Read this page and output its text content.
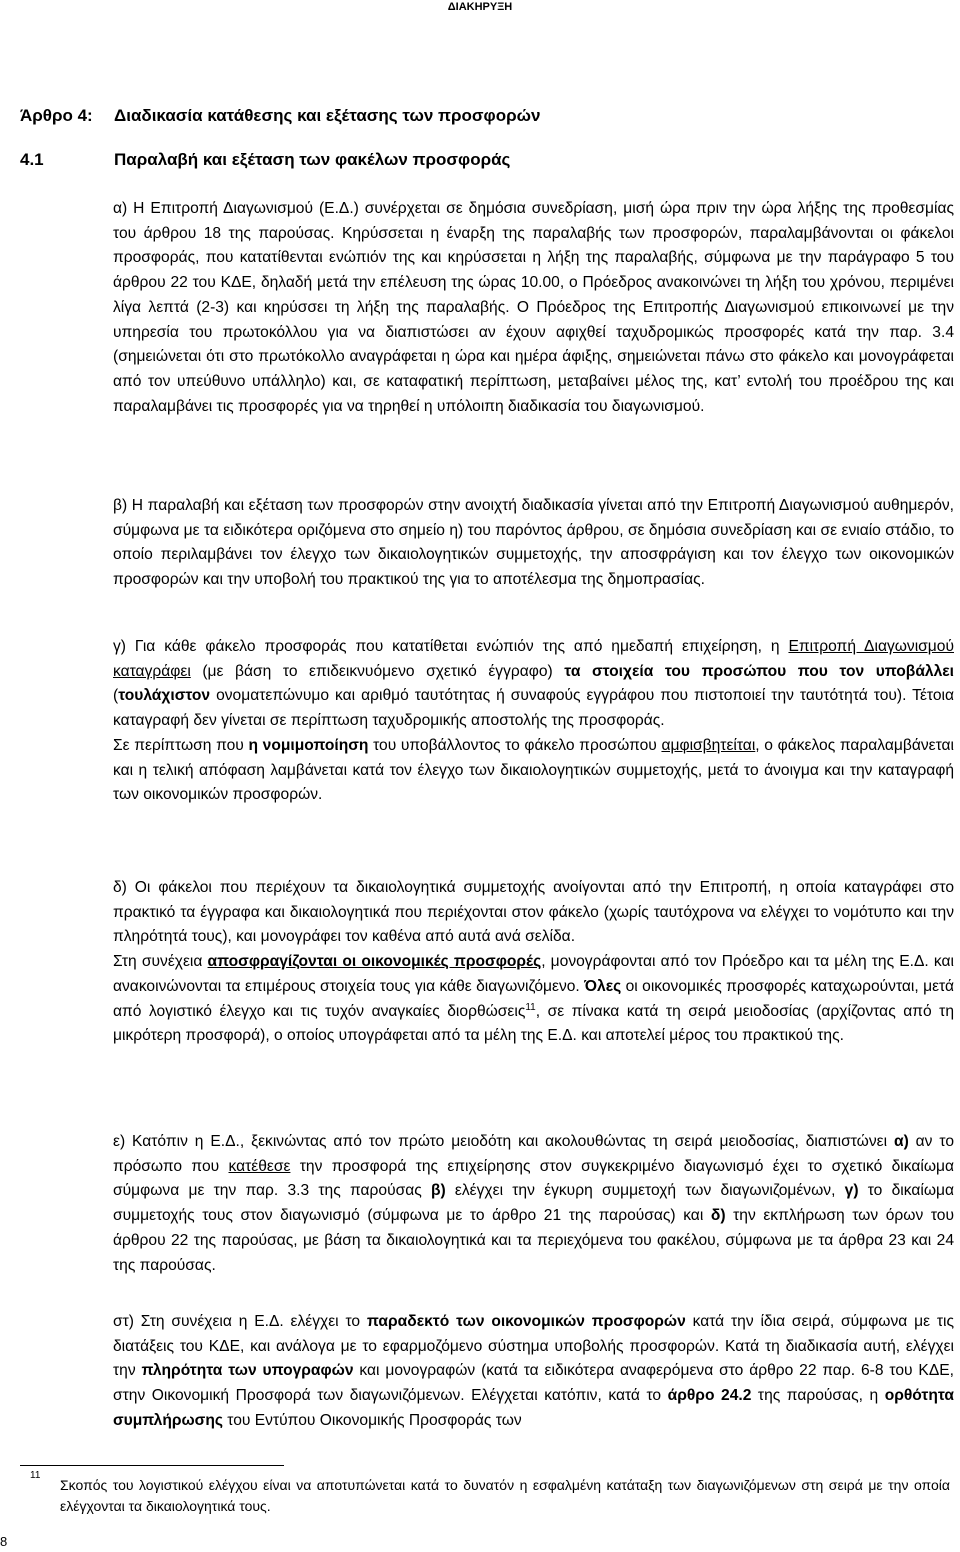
ΔΙΑΚΗΡΥΞΗ
Άρθρο 4: Διαδικασία κατάθεσης και εξέτασης των προσφορών
4.1	Παραλαβή και εξέταση των φακέλων προσφοράς

α) Η Επιτροπή Διαγωνισμού (Ε.Δ.) συνέρχεται σε δημόσια συνεδρίαση, μισή ώρα πριν την ώρα λήξης της προθεσμίας του άρθρου 18 της παρούσας. Κηρύσσεται η έναρξη της παραλαβής των προσφορών, παραλαμβάνονται οι φάκελοι προσφοράς, που κατατίθενται ενώπιόν της και κηρύσσεται η λήξη της παραλαβής, σύμφωνα με την παράγραφο 5 του άρθρου 22 του ΚΔΕ, δηλαδή μετά την επέλευση της ώρας 10.00, ο Πρόεδρος ανακοινώνει τη λήξη του χρόνου, περιμένει λίγα λεπτά (2-3) και κηρύσσει τη λήξη της παραλαβής. Ο Πρόεδρος της Επιτροπής Διαγωνισμού επικοινωνεί με την υπηρεσία του πρωτοκόλλου για να διαπιστώσει αν έχουν αφιχθεί ταχυδρομικώς προσφορές κατά την παρ. 3.4 (σημειώνεται ότι στο πρωτόκολλο αναγράφεται η ώρα και ημέρα άφιξης, σημειώνεται πάνω στο φάκελο και μονογράφεται από τον υπεύθυνο υπάλληλο) και, σε καταφατική περίπτωση, μεταβαίνει μέλος της, κατ’ εντολή του προέδρου της και παραλαμβάνει τις προσφορές για να τηρηθεί η υπόλοιπη διαδικασία του διαγωνισμού.

β) Η παραλαβή και εξέταση των προσφορών στην ανοιχτή διαδικασία γίνεται από την Επιτροπή Διαγωνισμού αυθημερόν, σύμφωνα με τα ειδικότερα οριζόμενα στο σημείο η) του παρόντος άρθρου, σε δημόσια συνεδρίαση και σε ενιαίο στάδιο, το οποίο περιλαμβάνει τον έλεγχο των δικαιολογητικών συμμετοχής, την αποσφράγιση και τον έλεγχο των οικονομικών προσφορών και την υποβολή του πρακτικού της για το αποτέλεσμα της δημοπρασίας.

γ) Για κάθε φάκελο προσφοράς που κατατίθεται ενώπιόν της από ημεδαπή επιχείρηση, η Επιτροπή Διαγωνισμού καταγράφει (με βάση το επιδεικνυόμενο σχετικό έγγραφο) τα στοιχεία του προσώπου που τον υποβάλλει (τουλάχιστον ονοματεπώνυμο και αριθμό ταυτότητας ή συναφούς εγγράφου που πιστοποιεί την ταυτότητά του). Τέτοια καταγραφή δεν γίνεται σε περίπτωση ταχυδρομικής αποστολής της προσφοράς.
Σε περίπτωση που η νομιμοποίηση του υποβάλλοντος το φάκελο προσώπου αμφισβητείται, ο φάκελος παραλαμβάνεται και η τελική απόφαση λαμβάνεται κατά τον έλεγχο των δικαιολογητικών συμμετοχής, μετά το άνοιγμα και την καταγραφή των οικονομικών προσφορών.

δ) Οι φάκελοι που περιέχουν τα δικαιολογητικά συμμετοχής ανοίγονται από την Επιτροπή, η οποία καταγράφει στο πρακτικό τα έγγραφα και δικαιολογητικά που περιέχονται στον φάκελο (χωρίς ταυτόχρονα να ελέγχει το νομότυπο και την πληρότητά τους), και μονογράφει τον καθένα από αυτά ανά σελίδα.
Στη συνέχεια αποσφραγίζονται οι οικονομικές προσφορές, μονογράφονται από τον Πρόεδρο και τα μέλη της Ε.Δ. και ανακοινώνονται τα επιμέρους στοιχεία τους για κάθε διαγωνιζόμενο. Όλες οι οικονομικές προσφορές καταχωρούνται, μετά από λογιστικό έλεγχο και τις τυχόν αναγκαίες διορθώσεις$^{11}$, σε πίνακα κατά τη σειρά μειοδοσίας (αρχίζοντας από τη μικρότερη προσφορά), ο οποίος υπογράφεται από τα μέλη της Ε.Δ. και αποτελεί μέρος του πρακτικού της.

ε) Κατόπιν η Ε.Δ., ξεκινώντας από τον πρώτο μειοδότη και ακολουθώντας τη σειρά μειοδοσίας, διαπιστώνει α) αν το πρόσωπο που κατέθεσε την προσφορά της επιχείρησης στον συγκεκριμένο διαγωνισμό έχει το σχετικό δικαίωμα σύμφωνα με την παρ. 3.3 της παρούσας β) ελέγχει την έγκυρη συμμετοχή των διαγωνιζομένων, γ) το δικαίωμα συμμετοχής τους στον διαγωνισμό (σύμφωνα με το άρθρο 21 της παρούσας) και δ) την εκπλήρωση των όρων του άρθρου 22 της παρούσας, με βάση τα δικαιολογητικά και τα περιεχόμενα του φακέλου, σύμφωνα με τα άρθρα 23 και 24 της παρούσας.

στ) Στη συνέχεια η Ε.Δ. ελέγχει το παραδεκτό των οικονομικών προσφορών κατά την ίδια σειρά, σύμφωνα με τις διατάξεις του ΚΔΕ, και ανάλογα με το εφαρμοζόμενο σύστημα υποβολής προσφορών. Κατά τη διαδικασία αυτή, ελέγχει την πληρότητα των υπογραφών και μονογραφών (κατά τα ειδικότερα αναφερόμενα στο άρθρο 22 παρ. 6-8 του ΚΔΕ, στην Οικονομική Προσφορά των διαγωνιζόμενων. Ελέγχεται κατόπιν, κατά το άρθρο 24.2 της παρούσας, η ορθότητα συμπλήρωσης του Εντύπου Οικονομικής Προσφοράς των

11

Σκοπός του λογιστικού ελέγχου είναι να αποτυπώνεται κατά το δυνατόν η εσφαλμένη κατάταξη των διαγωνιζόμενων στη σειρά με την οποία ελέγχονται τα δικαιολογητικά τους.

8
